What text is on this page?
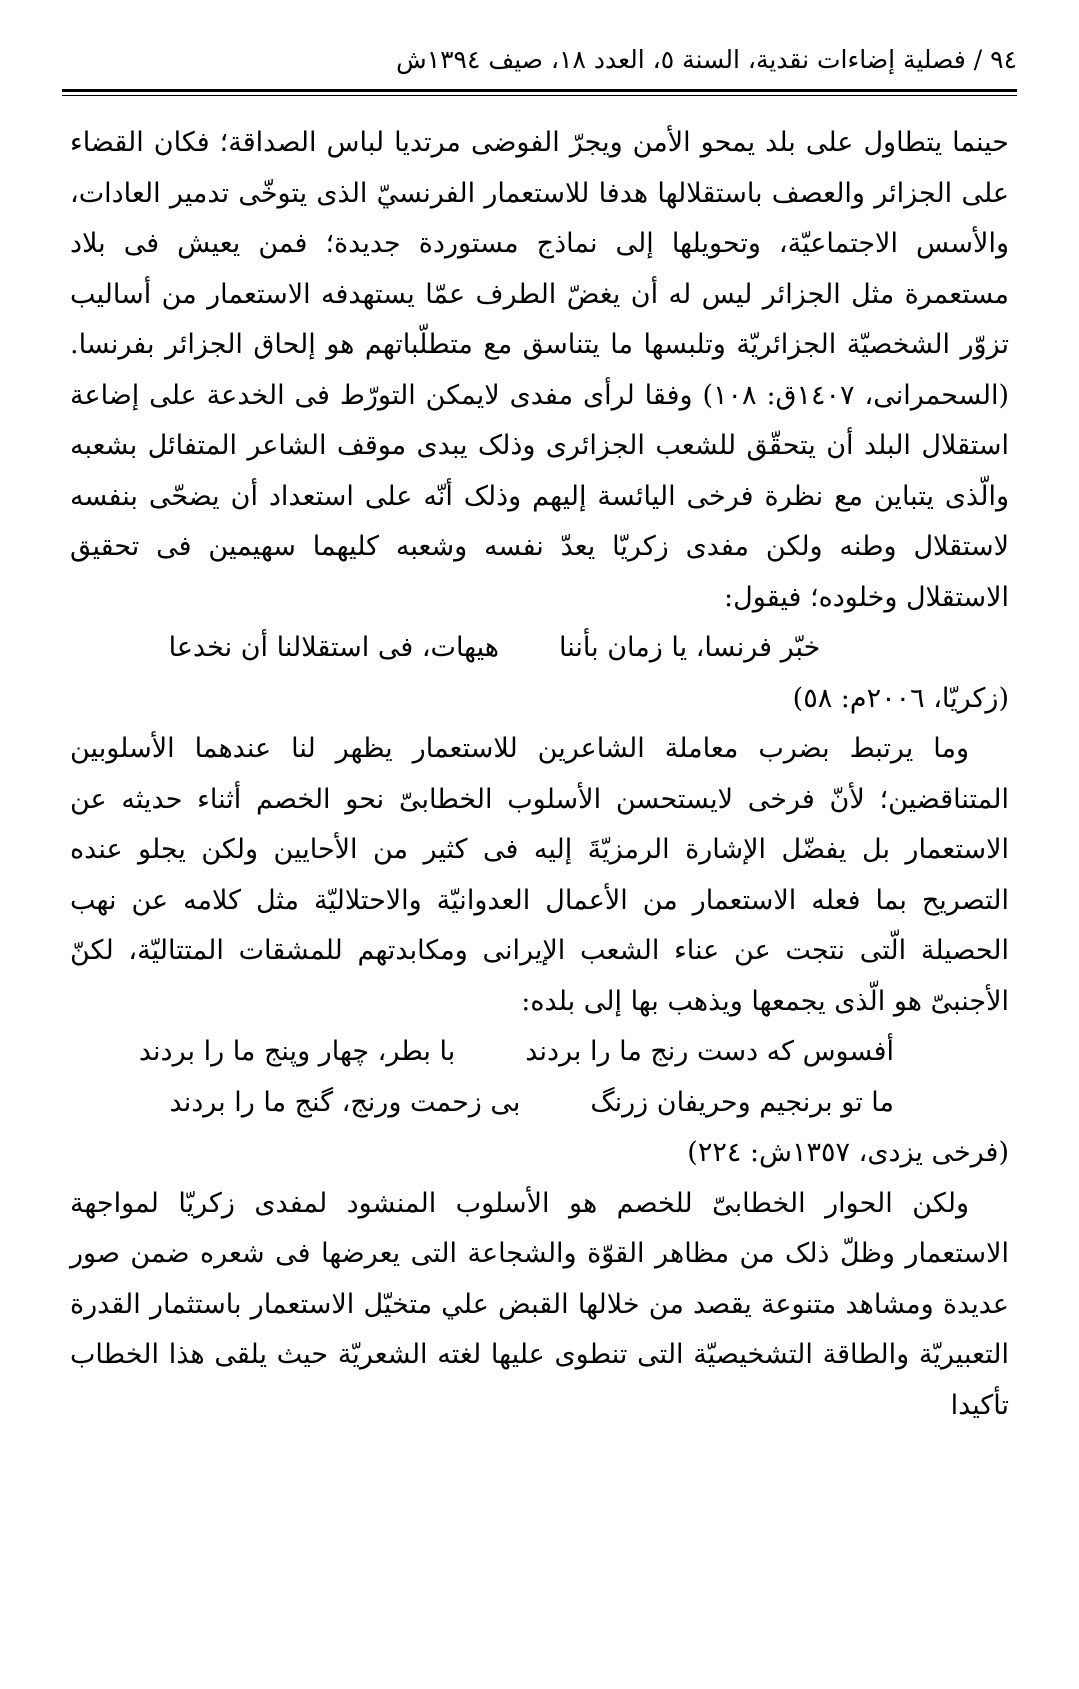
٩٤ / فصلية إضاءات نقدية، السنة ٥، العدد ١٨، صيف ١٣٩٤ش

حينما يتطاول على بلد يمحو الأمن ويجرّ الفوضى مرتديا لباس الصداقة؛ فكان القضاء على الجزائر والعصف باستقلالها هدفا للاستعمار الفرنسيّ الذى يتوخّى تدمير العادات، والأسس الاجتماعيّة، وتحويلها إلى نماذج مستوردة جديدة؛ فمن يعيش فى بلاد مستعمرة مثل الجزائر ليس له أن يغضّ الطرف عمّا يستهدفه الاستعمار من أساليب تزوّر الشخصيّة الجزائريّة وتلبسها ما يتناسق مع متطلّباتهم هو إلحاق الجزائر بفرنسا. (السحمرانى، ١٤٠٧ق: ١٠٨) وفقا لرأى مفدى لايمكن التورّط فى الخدعة على إضاعة استقلال البلد أن يتحقّق للشعب الجزائرى وذلک يبدى موقف الشاعر المتفائل بشعبه والّذى يتباين مع نظرة فرخى اليائسة إليهم وذلک أنّه على استعداد أن يضحّى بنفسه لاستقلال وطنه ولكن مفدى زكريّا يعدّ نفسه وشعبه كليهما سهيمين فى تحقيق الاستقلال وخلوده؛ فيقول:

خبّر فرنسا، يا زمان بأننا
هيهات، فى استقلالنا أن نخدعا

(زكريّا، ٢٠٠٦م: ٥٨)

وما يرتبط بضرب معاملة الشاعرين للاستعمار يظهر لنا عندهما الأسلوبين المتناقضين؛ لأنّ فرخى لايستحسن الأسلوب الخطابىّ نحو الخصم أثناء حديثه عن الاستعمار بل يفضّل الإشارة الرمزيّةَ إليه فى كثير من الأحايين ولكن يجلو عنده التصريح بما فعله الاستعمار من الأعمال العدوانيّة والاحتلاليّة مثل كلامه عن نهب الحصيلة الّتى نتجت عن عناء الشعب الإيرانى ومكابدتهم للمشقات المتتاليّة، لكنّ الأجنبىّ هو الّذى يجمعها ويذهب بها إلى بلده:

أفسوس كه دست رنج ما را بردند
با بطر، چهار وپنج ما را بردند
ما تو برنجيم وحريفان زرنگ
بى زحمت ورنج، گنج ما را بردند

(فرخى يزدى، ١٣٥٧ش: ٢٢٤)

ولكن الحوار الخطابىّ للخصم هو الأسلوب المنشود لمفدى زكريّا لمواجهة الاستعمار وظلّ ذلک من مظاهر القوّة والشجاعة التى يعرضها فى شعره ضمن صور عديدة ومشاهد متنوعة يقصد من خلالها القبض علي متخيّل الاستعمار باستثمار القدرة التعبيريّة والطاقة التشخيصيّة التى تنطوى عليها لغته الشعريّة حيث يلقى هذا الخطاب تأكيدا
